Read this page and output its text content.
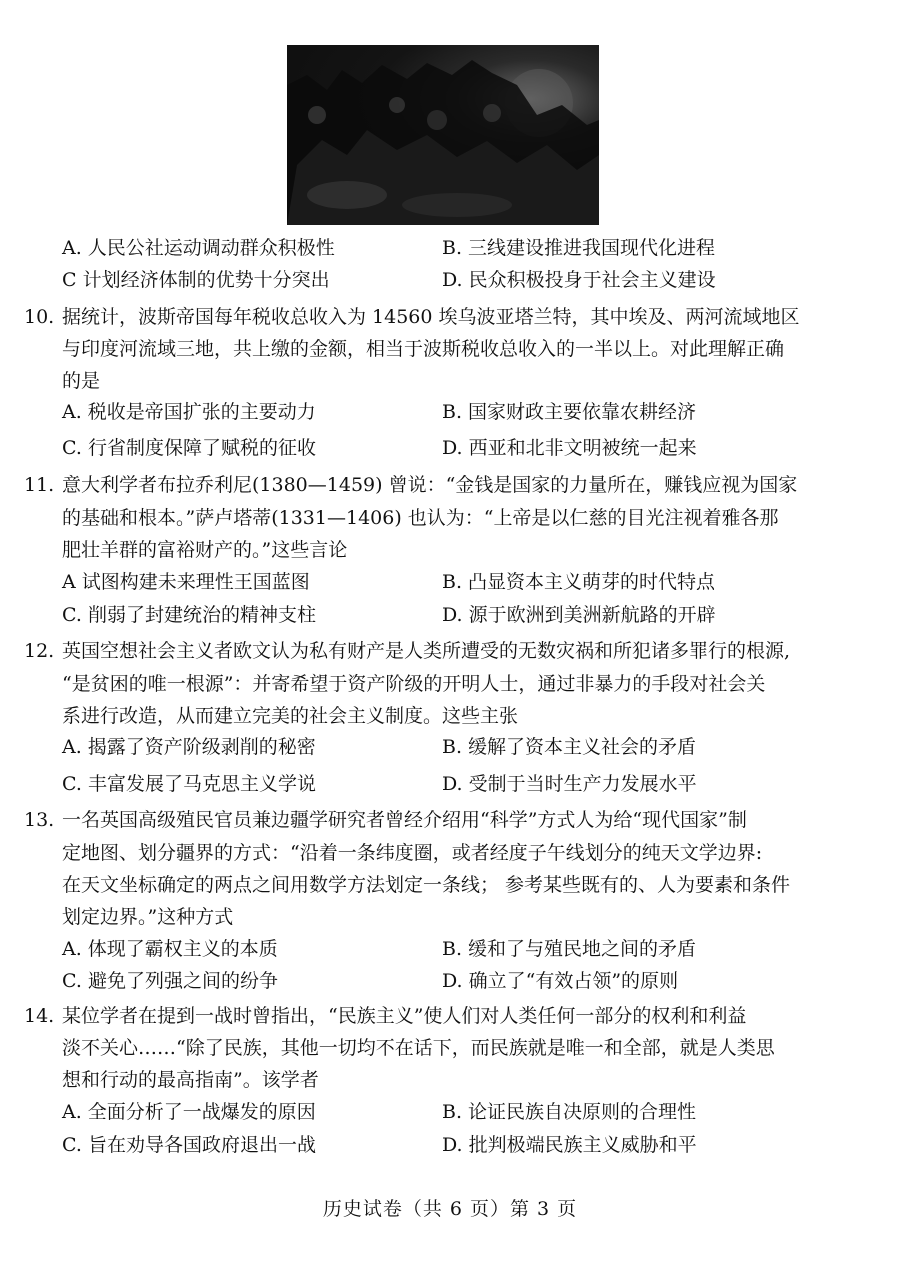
A. 人民公社运动调动群众积极性	B. 三线建设推进我国现代化进程
C 计划经济体制的优势十分突出	D. 民众积极投身于社会主义建设
10. 据统计，波斯帝国每年税收总收入为 14560 埃乌波亚塔兰特，其中埃及、两河流域地区
与印度河流域三地，共上缴的金额，相当于波斯税收总收入的一半以上。对此理解正确
的是
A. 税收是帝国扩张的主要动力	B. 国家财政主要依靠农耕经济
C. 行省制度保障了赋税的征收	D. 西亚和北非文明被统一起来
11. 意大利学者布拉乔利尼(1380—1459) 曾说：“金钱是国家的力量所在，赚钱应视为国家
的基础和根本。”萨卢塔蒂(1331—1406) 也认为：“上帝是以仁慈的目光注视着雅各那
肥壮羊群的富裕财产的。”这些言论
A 试图构建未来理性王国蓝图	B. 凸显资本主义萌芽的时代特点
C. 削弱了封建统治的精神支柱	D. 源于欧洲到美洲新航路的开辟
12. 英国空想社会主义者欧文认为私有财产是人类所遭受的无数灾祸和所犯诸多罪行的根源,
“是贫困的唯一根源”：并寄希望于资产阶级的开明人士，通过非暴力的手段对社会关
系进行改造，从而建立完美的社会主义制度。这些主张
A. 揭露了资产阶级剥削的秘密	B. 缓解了资本主义社会的矛盾
C. 丰富发展了马克思主义学说	D. 受制于当时生产力发展水平
13. 一名英国高级殖民官员兼边疆学研究者曾经介绍用“科学”方式人为给“现代国家”制
定地图、划分疆界的方式：“沿着一条纬度圈，或者经度子午线划分的纯天文学边界:
在天文坐标确定的两点之间用数学方法划定一条线； 参考某些既有的、人为要素和条件
划定边界。”这种方式
A. 体现了霸权主义的本质	B. 缓和了与殖民地之间的矛盾
C. 避免了列强之间的纷争	D. 确立了“有效占领”的原则
14. 某位学者在提到一战时曾指出，“民族主义”使人们对人类任何一部分的权利和利益
淡不关心……“除了民族，其他一切均不在话下，而民族就是唯一和全部，就是人类思
想和行动的最高指南”。该学者
A. 全面分析了一战爆发的原因	B. 论证民族自决原则的合理性
C. 旨在劝导各国政府退出一战	D. 批判极端民族主义威胁和平
历史试卷（共 6 页）第 3 页
